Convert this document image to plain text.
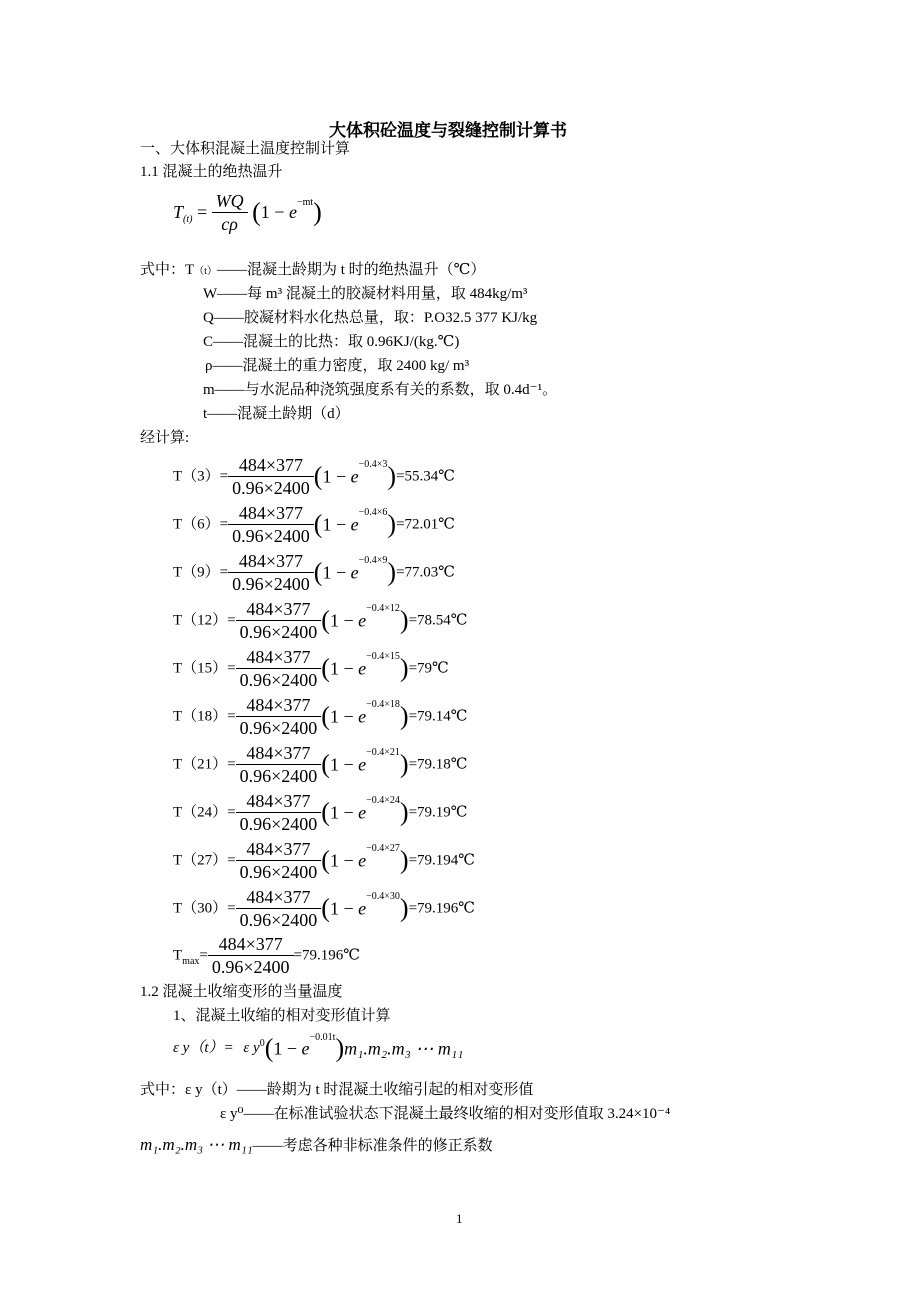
大体积砼温度与裂缝控制计算书
一、大体积混凝土温度控制计算
1.1 混凝土的绝热温升
$T_{(t)} = \frac{WQ}{c\rho} (1 - e^{-mt})$
式中：T（t）——混凝土龄期为 t 时的绝热温升（℃）
W——每 m³ 混凝土的胶凝材料用量，取 484kg/m³
Q——胶凝材料水化热总量，取：P.O32.5 377 KJ/kg
C——混凝土的比热：取 0.96KJ/(kg.℃)
ρ——混凝土的重力密度，取 2400 kg/ m³
m——与水泥品种浇筑强度系有关的系数，取 0.4d⁻¹。
t——混凝土龄期（d）
经计算:
$T(3)= \frac{484\times 377}{0.96\times 2400} (1$ − $e^{-0.4\times 3})=55.34℃$
$T(6)= \frac{484\times 377}{0.96\times 2400} (1$ − $e^{-0.4\times 6})=72.01℃$
$T(9)= \frac{484\times 377}{0.96\times 2400} (1$ − $e^{-0.4\times 9})=77.03℃$
$T(12)= \frac{484\times 377}{0.96\times 2400} (1$ − $e^{-0.4\times 12})=78.54℃$
$T(15)= \frac{484\times 377}{0.96\times 2400} (1$ − $e^{-0.4\times 15})=79℃$
$T(18)= \frac{484\times 377}{0.96\times 2400} (1$ − $e^{-0.4\times 18})=79.14℃$
$T(21)= \frac{484\times 377}{0.96\times 2400} (1$ − $e^{-0.4\times 21})=79.18℃$
$T(24)= \frac{484\times 377}{0.96\times 2400} (1$ − $e^{-0.4\times 24})=79.19℃$
$T(27)= \frac{484\times 377}{0.96\times 2400} (1$ − $e^{-0.4\times 27})=79.194℃$
$T(30)= \frac{484\times 377}{0.96\times 2400} (1$ − $e^{-0.4\times 30})=79.196℃$
$T_{max}= \frac{484\times 377}{0.96\times 2400}$ =79.196℃
1.2 混凝土收缩变形的当量温度
1、混凝土收缩的相对变形值计算
ε y（t）= ε $y^0(1 - e^{-0.01t})m_1.m_2.m_3$ ⋯ m₁₁
式中：ε y（t）——龄期为 t 时混凝土收缩引起的相对变形值
ε y⁰——在标准试验状态下混凝土最终收缩的相对变形值取 3.24×10⁻⁴
m₁.m₂.m₃ ⋯ m₁₁——考虑各种非标准条件的修正系数
1
